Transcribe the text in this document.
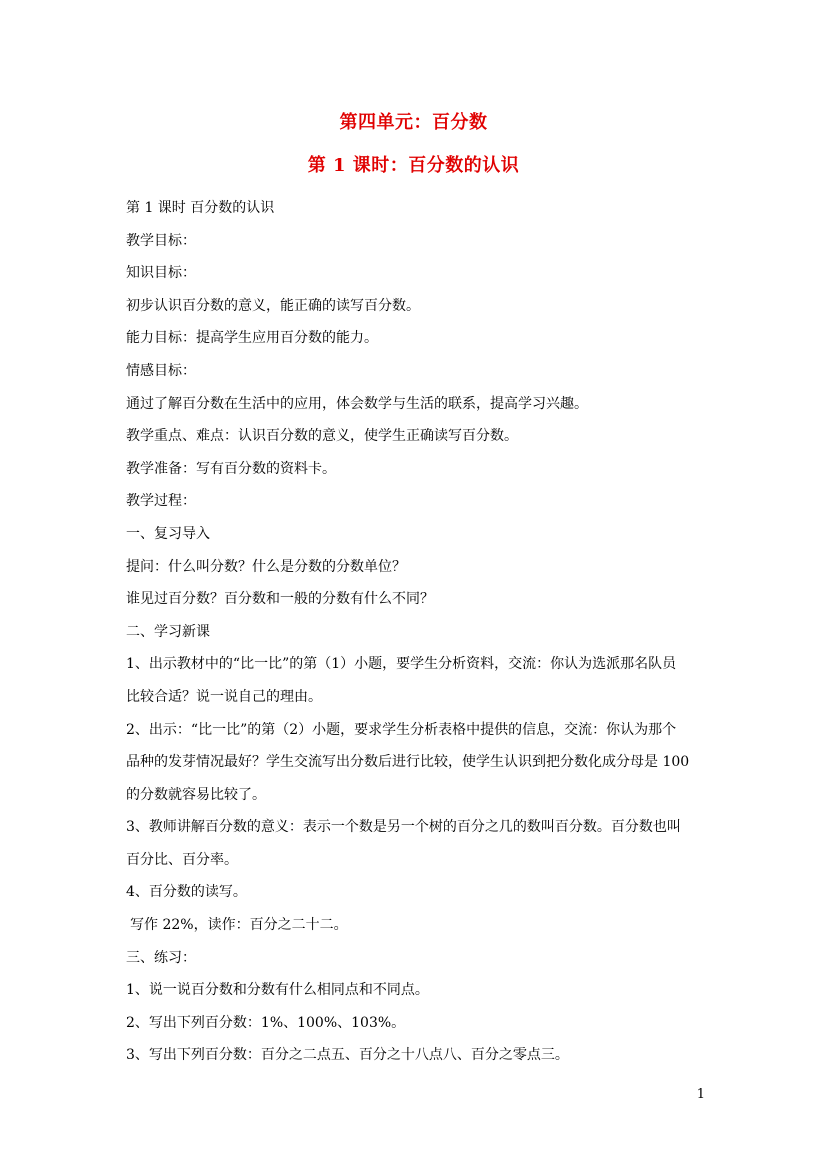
第四单元：百分数
第 1 课时：百分数的认识
第 1 课时 百分数的认识
教学目标：
知识目标：
初步认识百分数的意义，能正确的读写百分数。
能力目标：提高学生应用百分数的能力。
情感目标：
通过了解百分数在生活中的应用，体会数学与生活的联系，提高学习兴趣。
教学重点、难点：认识百分数的意义，使学生正确读写百分数。
教学准备：写有百分数的资料卡。
教学过程：
一、复习导入
提问：什么叫分数？什么是分数的分数单位？
谁见过百分数？百分数和一般的分数有什么不同？
二、学习新课
1、出示教材中的“比一比”的第（1）小题，要学生分析资料，交流：你认为选派那名队员
比较合适？说一说自己的理由。
2、出示：“比一比”的第（2）小题，要求学生分析表格中提供的信息，交流：你认为那个
品种的发芽情况最好？学生交流写出分数后进行比较，使学生认识到把分数化成分母是 100
的分数就容易比较了。
3、教师讲解百分数的意义：表示一个数是另一个树的百分之几的数叫百分数。百分数也叫
百分比、百分率。
4、百分数的读写。
写作 22%，读作：百分之二十二。
三、练习：
1、说一说百分数和分数有什么相同点和不同点。
2、写出下列百分数：1%、100%、103%。
3、写出下列百分数：百分之二点五、百分之十八点八、百分之零点三。
1
